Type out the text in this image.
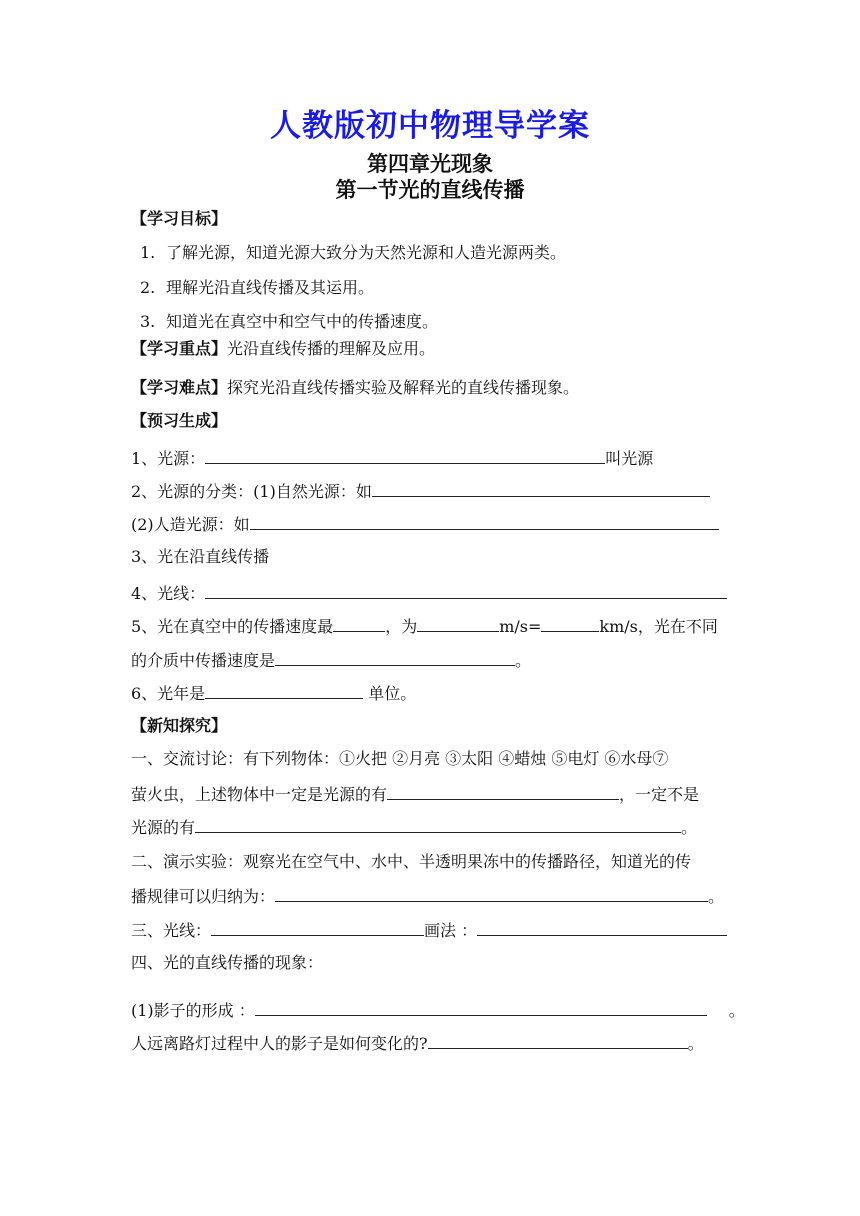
人教版初中物理导学案
第四章光现象
第一节光的直线传播
【学习目标】
1. 了解光源，知道光源大致分为天然光源和人造光源两类。
2. 理解光沿直线传播及其运用。
3. 知道光在真空中和空气中的传播速度。
【学习重点】光沿直线传播的理解及应用。
【学习难点】探究光沿直线传播实验及解释光的直线传播现象。
【预习生成】
1、光源：	叫光源
2、光源的分类：(1)自然光源：如
(2)人造光源：如
3、光在沿直线传播
4、光线：
5、光在真空中的传播速度最	，为	m/s=	km/s，光在不同
的介质中传播速度是	。
6、光年是	单位。
【新知探究】
一、交流讨论：有下列物体：①火把 ②月亮 ③太阳 ④蜡烛 ⑤电灯 ⑥水母⑦
萤火虫，上述物体中一定是光源的有	，一定不是
光源的有	。
二、演示实验：观察光在空气中、水中、半透明果冻中的传播路径，知道光的传
播规律可以归纳为：	。
三、光线：	画法 ：
四、光的直线传播的现象：
(1)影子的形成 ：	。
人远离路灯过程中人的影子是如何变化的?	。
